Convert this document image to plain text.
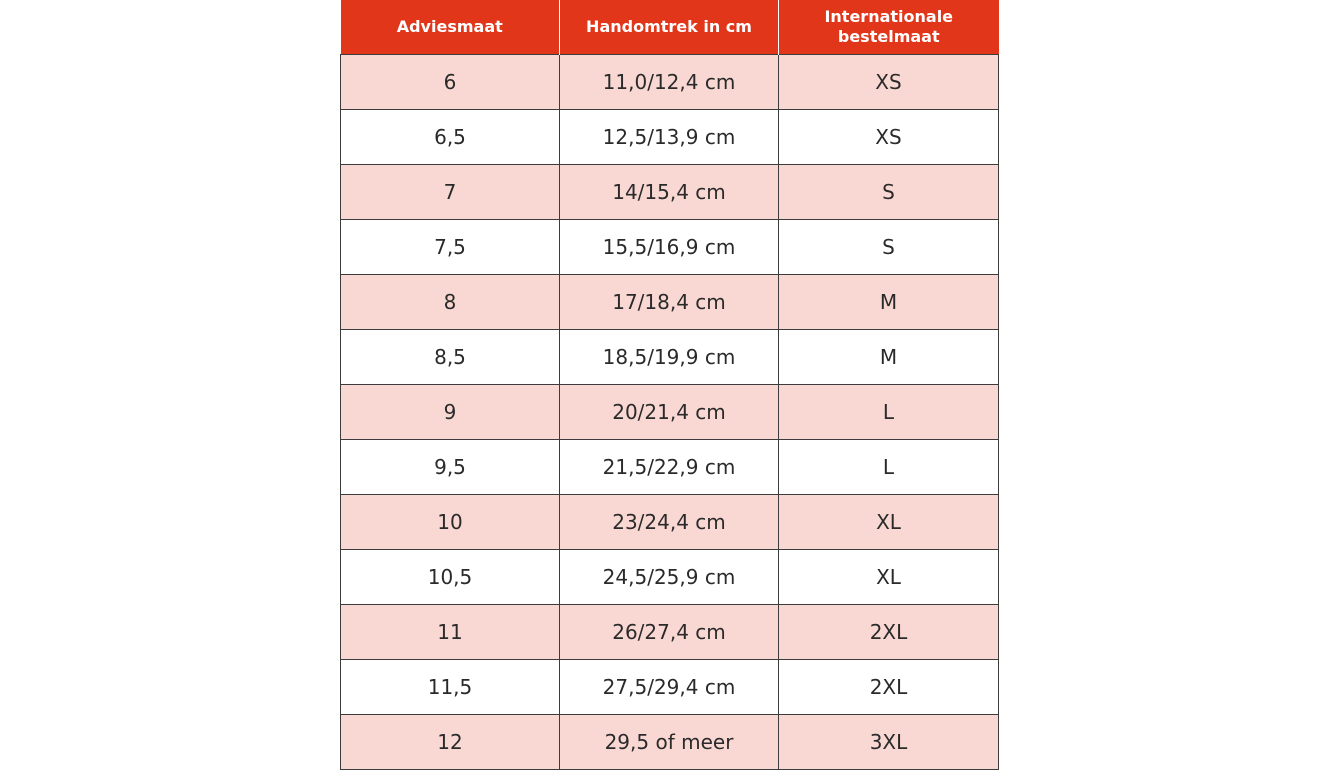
Adviesmaat	Handomtrek in cm	Internationale bestelmaat
6	11,0/12,4 cm	XS
6,5	12,5/13,9 cm	XS
7	14/15,4 cm	S
7,5	15,5/16,9 cm	S
8	17/18,4 cm	M
8,5	18,5/19,9 cm	M
9	20/21,4 cm	L
9,5	21,5/22,9 cm	L
10	23/24,4 cm	XL
10,5	24,5/25,9 cm	XL
11	26/27,4 cm	2XL
11,5	27,5/29,4 cm	2XL
12	29,5 of meer	3XL
